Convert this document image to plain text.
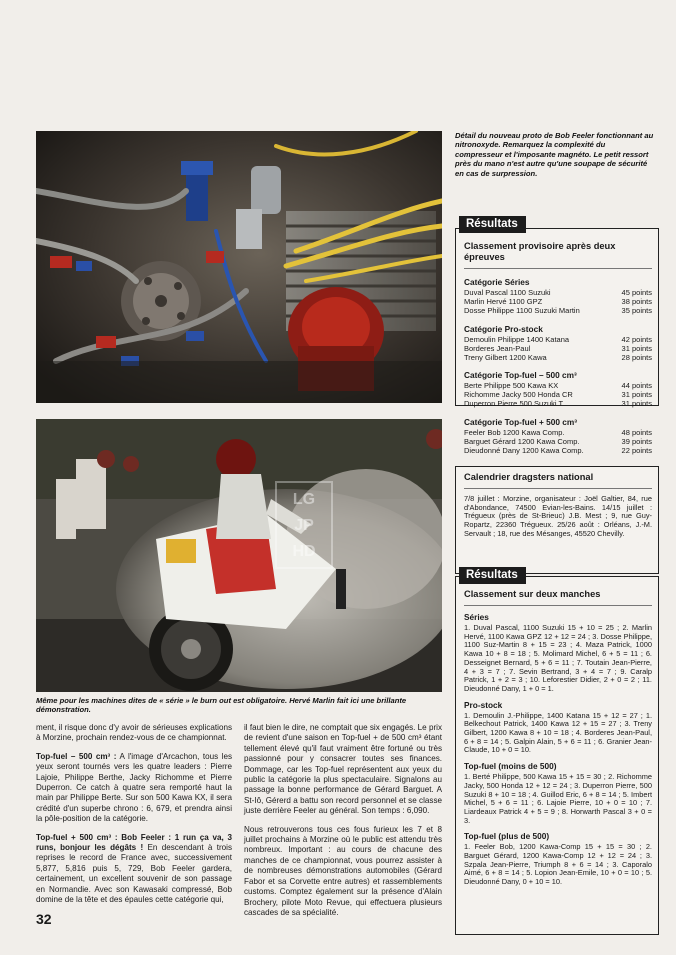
Détail du nouveau proto de Bob Feeler fonctionnant au nitronoxyde. Remarquez la complexité du compresseur et l'imposante magnéto. Le petit ressort près du mano n'est autre qu'une soupape de sécurité en cas de surpression.
Résultats
Classement provisoire après deux épreuves
Catégorie Séries
Duval Pascal 1100 Suzuki	45 points
Marlin Hervé 1100 GPZ	38 points
Dosse Philippe 1100 Suzuki Martin	35 points
Catégorie Pro-stock
Demoulin Philippe 1400 Katana	42 points
Borderes Jean-Paul	31 points
Treny Gilbert 1200 Kawa	28 points
Catégorie Top-fuel – 500 cm³
Berte Philippe 500 Kawa KX	44 points
Richomme Jacky 500 Honda CR	31 points
Duperron Pierre 500 Suzuki T	31 points
Catégorie Top-fuel + 500 cm³
Feeler Bob 1200 Kawa Comp.	48 points
Barguet Gérard 1200 Kawa Comp.	39 points
Dieudonné Dany 1200 Kawa Comp.	22 points
LG
JP
HD
Même pour les machines dites de « série » le burn out est obligatoire. Hervé Marlin fait ici une brillante démonstration.

ment, il risque donc d'y avoir de sérieuses explications à Morzine, prochain rendez-vous de ce championnat.

Top-fuel – 500 cm³ : A l'image d'Arcachon, tous les yeux seront tournés vers les quatre leaders : Pierre Lajoie, Philippe Berthe, Jacky Richomme et Pierre Duperron. Ce catch à quatre sera remporté haut la main par Philippe Berte. Sur son 500 Kawa KX, il sera crédité d'un superbe chrono : 6, 679, et prendra ainsi la pôle-position de la catégorie.

Top-fuel + 500 cm³ : Bob Feeler : 1 run ça va, 3 runs, bonjour les dégâts ! En descendant à trois reprises le record de France avec, successivement 5,877, 5,816 puis 5, 729, Bob Feeler gardera, certainement, un excellent souvenir de son passage en Normandie. Avec son Kawasaki compressé, Bob domine de la tête et des épaules cette catégorie qui,

il faut bien le dire, ne comptait que six engagés. Le prix de revient d'une saison en Top-fuel + de 500 cm³ étant tellement élevé qu'il faut vraiment être fortuné ou très passionné pour y consacrer toutes ses finances. Dommage, car les Top-fuel représentent aux yeux du public la catégorie la plus spectaculaire. Signalons au passage la bonne performance de Gérard Barguet. A St-Iô, Gérerd a battu son record personnel et se classe juste derrière Feeler au général. Son temps : 6,090.

Nous retrouverons tous ces fous furieux les 7 et 8 juillet prochains à Morzine où le public est attendu très nombreux. Important : au cours de chacune des manches de ce championnat, vous pourrez assister à de nombreuses démonstrations automobiles (Gérard Fabor et sa Corvette entre autres) et rassemblements customs. Comptez également sur la présence d'Alain Brochery, pilote Moto Revue, qui effectuera plusieurs cascades de sa spécialité.

32
Calendrier dragsters national
7/8 juillet : Morzine, organisateur : Joël Galtier, 84, rue d'Abondance, 74500 Evian-les-Bains. 14/15 juillet : Trégueux (près de St-Brieuc) J.B. Mest ; 9, rue Guy-Ropartz, 22360 Trégueux. 25/26 août : Orléans, J.-M. Servault ; 18, rue des Mésanges, 45520 Chevilly.
Résultats
Classement sur deux manches
Séries
1. Duval Pascal, 1100 Suzuki 15 + 10 = 25 ; 2. Marlin Hervé, 1100 Kawa GPZ 12 + 12 = 24 ; 3. Dosse Philippe, 1100 Suz-Martin 8 + 15 = 23 ; 4. Maza Patrick, 1000 Kawa 10 + 8 = 18 ; 5. Molimard Michel, 6 + 5 = 11 ; 6. Desseignet Bernard, 5 + 6 = 11 ; 7. Toutain Jean-Pierre, 4 + 3 = 7 ; 7. Sevin Bertrand, 3 + 4 = 7 ; 9. Caralp Patrick, 1 + 2 = 3 ; 10. Leforestier Didier, 2 + 0 = 2 ; 11. Dieudonné Dany, 1 + 0 = 1.
Pro-stock
1. Demoulin J.-Philippe, 1400 Katana 15 + 12 = 27 ; 1. Belkechout Patrick, 1400 Kawa 12 + 15 = 27 ; 3. Treny Gilbert, 1200 Kawa 8 + 10 = 18 ; 4. Borderes Jean-Paul, 6 + 8 = 14 ; 5. Galpin Alain, 5 + 6 = 11 ; 6. Granier Jean-Claude, 10 + 0 = 10.
Top-fuel (moins de 500)
1. Berté Philippe, 500 Kawa 15 + 15 = 30 ; 2. Richomme Jacky, 500 Honda 12 + 12 = 24 ; 3. Duperron Pierre, 500 Suzuki 8 + 10 = 18 ; 4. Guillod Eric, 6 + 8 = 14 ; 5. Imbert Michel, 5 + 6 = 11 ; 6. Lajoie Pierre, 10 + 0 = 10 ; 7. Liardeaux Patrick 4 + 5 = 9 ; 8. Horwarth Pascal 3 + 0 = 3.
Top-fuel (plus de 500)
1. Feeler Bob, 1200 Kawa-Comp 15 + 15 = 30 ; 2. Barguet Gérard, 1200 Kawa-Comp 12 + 12 = 24 ; 3. Szpala Jean-Pierre, Triumph 8 + 6 = 14 ; 3. Caporalo Aimé, 6 + 8 = 14 ; 5. Lopion Jean-Emile, 10 + 0 = 10 ; 5. Dieudonné Dany, 0 + 10 = 10.
